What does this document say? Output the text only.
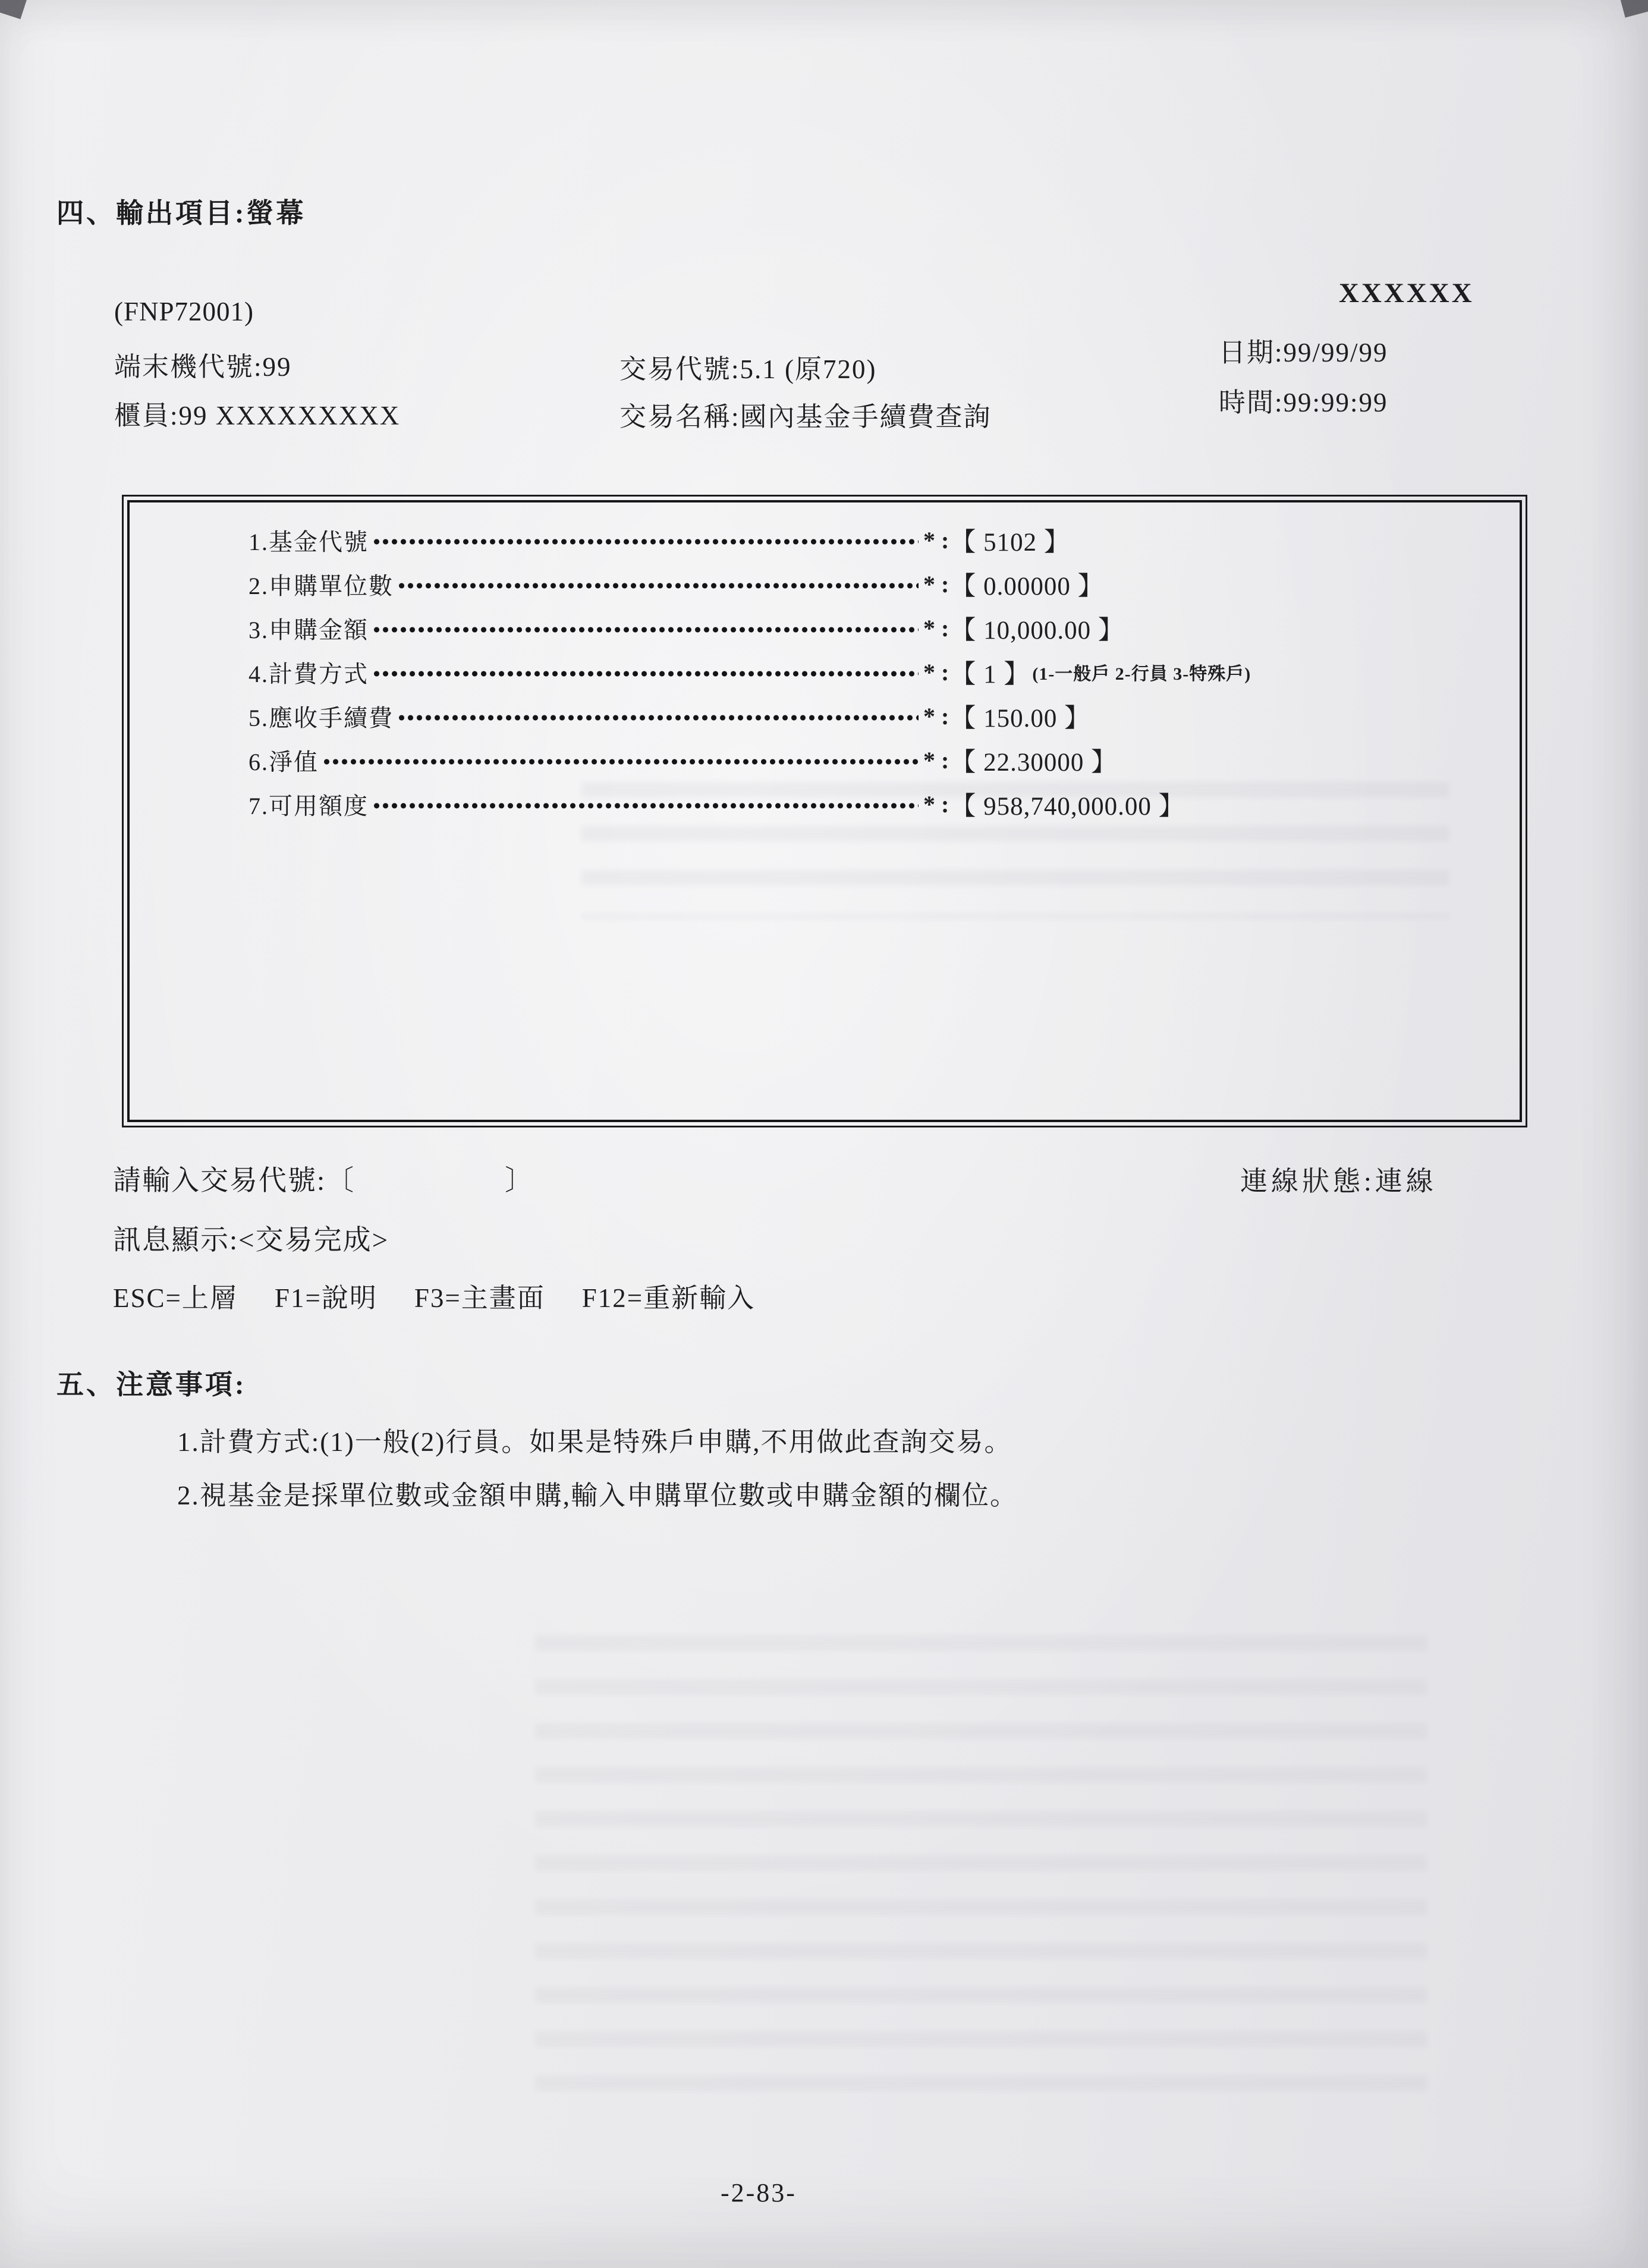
四、輸出項目:螢幕
(FNP72001)
端末機代號:99
櫃員:99 XXXXXXXXX
交易代號:5.1 (原720)
交易名稱:國內基金手續費查詢
XXXXXX
日期:99/99/99
時間:99:99:99
1.基金代號	* : 【 5102 】
2.申購單位數	* : 【 0.00000 】
3.申購金額	* : 【 10,000.00 】
4.計費方式	* : 【 1 】 (1-一般戶 2-行員 3-特殊戶)
5.應收手續費	* : 【 150.00 】
6.淨值	* : 【 22.30000 】
7.可用額度	* : 【 958,740,000.00 】
請輸入交易代號: 〔	〕	連線狀態:連線
訊息顯示:<交易完成>
ESC=上層 F1=說明 F3=主畫面 F12=重新輸入
五、注意事項:
1.計費方式:(1)一般(2)行員。如果是特殊戶申購,不用做此查詢交易。
2.視基金是採單位數或金額申購,輸入申購單位數或申購金額的欄位。
-2-83-
